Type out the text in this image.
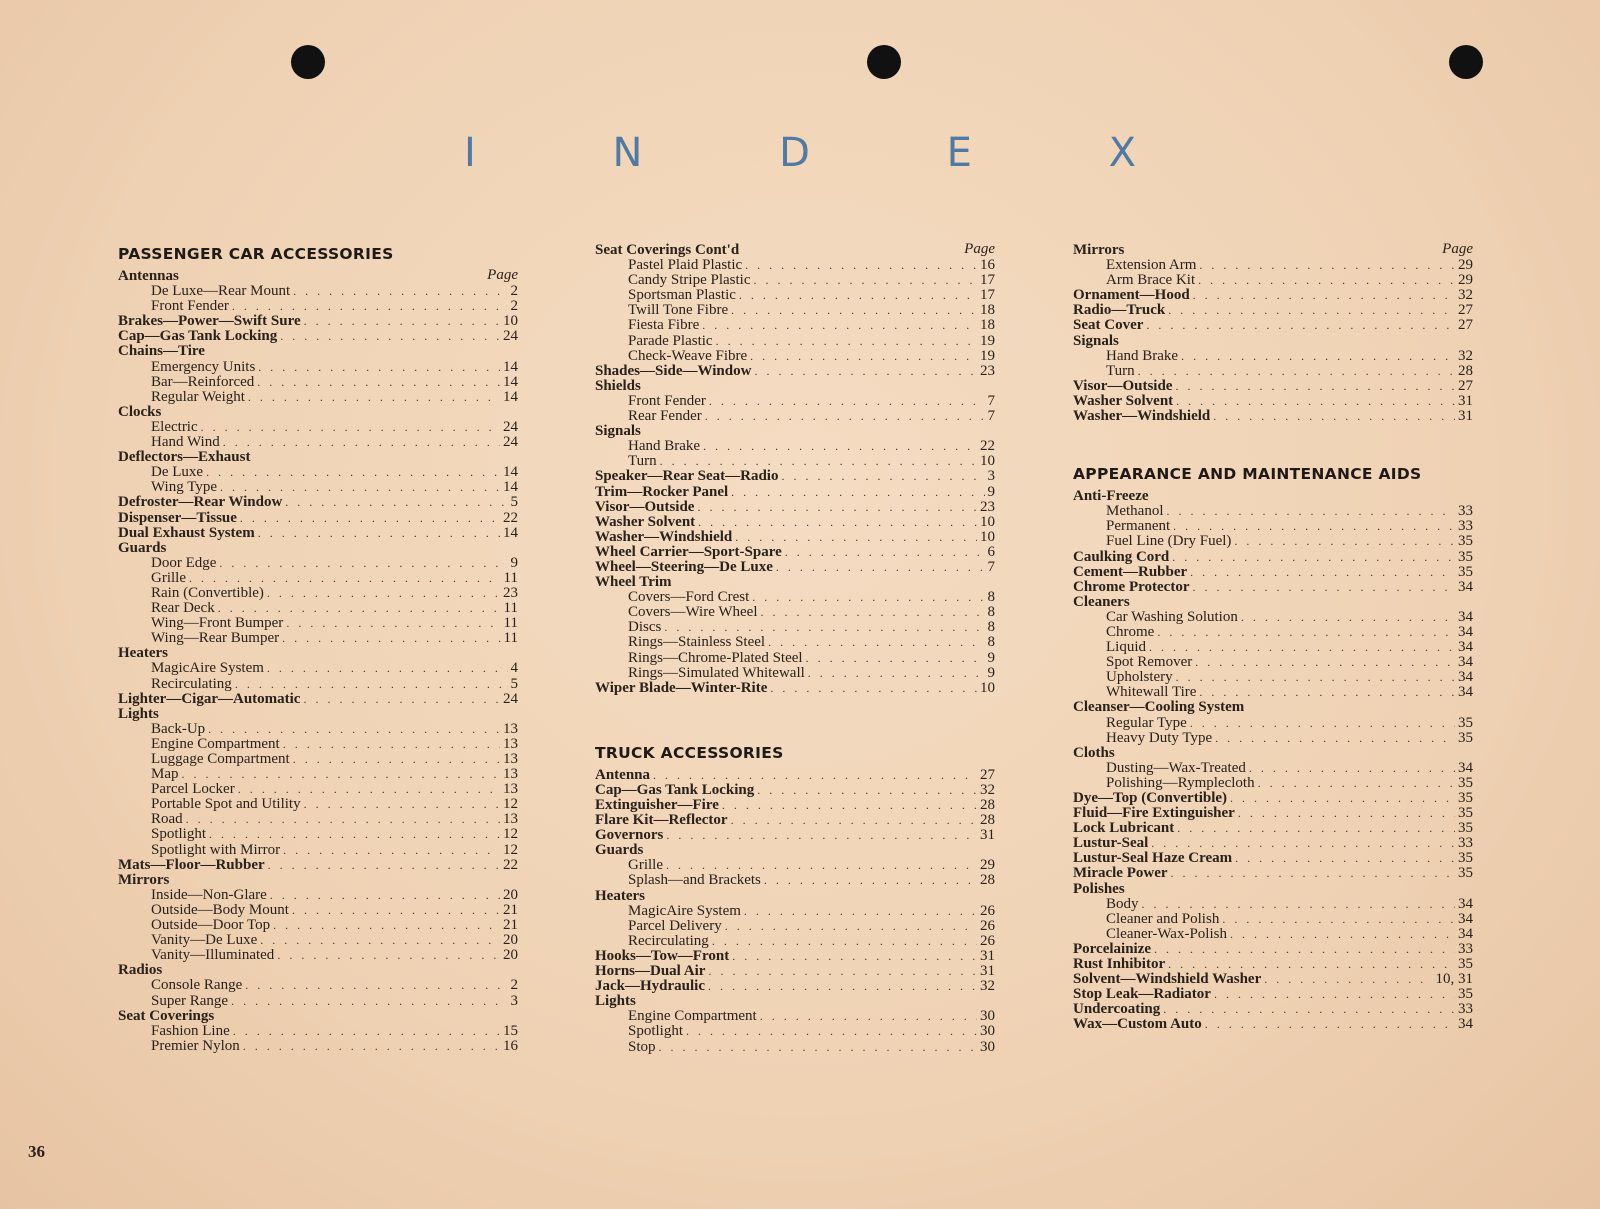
I N D E X
PASSENGER CAR ACCESSORIES
Page
Antennas
De Luxe—Rear Mount . . .	2
Front Fender . . .	2
Brakes—Power—Swift Sure . . .	10
Cap—Gas Tank Locking . . .	24
Chains—Tire
Emergency Units . . .	14
Bar—Reinforced . . .	14
Regular Weight . . .	14
Clocks
Electric . . .	24
Hand Wind . . .	24
Deflectors—Exhaust
De Luxe . . .	14
Wing Type . . .	14
Defroster—Rear Window . . .	5
Dispenser—Tissue . . .	22
Dual Exhaust System . . .	14
Guards
Door Edge . . .	9
Grille . . .	11
Rain (Convertible) . . .	23
Rear Deck . . .	11
Wing—Front Bumper . . .	11
Wing—Rear Bumper . . .	11
Heaters
MagicAire System . . .	4
Recirculating . . .	5
Lighter—Cigar—Automatic . . .	24
Lights
Back-Up . . .	13
Engine Compartment . . .	13
Luggage Compartment . . .	13
Map . . .	13
Parcel Locker . . .	13
Portable Spot and Utility . . .	12
Road . . .	13
Spotlight . . .	12
Spotlight with Mirror . . .	12
Mats—Floor—Rubber . . .	22
Mirrors
Inside—Non-Glare . . .	20
Outside—Body Mount . . .	21
Outside—Door Top . . .	21
Vanity—De Luxe . . .	20
Vanity—Illuminated . . .	20
Radios
Console Range . . .	2
Super Range . . .	3
Seat Coverings
Fashion Line . . .	15
Premier Nylon . . .	16
Page
Seat Coverings Cont'd
Pastel Plaid Plastic . . .	16
Candy Stripe Plastic . . .	17
Sportsman Plastic . . .	17
Twill Tone Fibre . . .	18
Fiesta Fibre . . .	18
Parade Plastic . . .	19
Check-Weave Fibre . . .	19
Shades—Side—Window . . .	23
Shields
Front Fender . . .	7
Rear Fender . . .	7
Signals
Hand Brake . . .	22
Turn . . .	10
Speaker—Rear Seat—Radio . . .	3
Trim—Rocker Panel . . .	9
Visor—Outside . . .	23
Washer Solvent . . .	10
Washer—Windshield . . .	10
Wheel Carrier—Sport-Spare . . .	6
Wheel—Steering—De Luxe . . .	7
Wheel Trim
Covers—Ford Crest . . .	8
Covers—Wire Wheel . . .	8
Discs . . .	8
Rings—Stainless Steel . . .	8
Rings—Chrome-Plated Steel . . .	9
Rings—Simulated Whitewall . . .	9
Wiper Blade—Winter-Rite . . .	10
TRUCK ACCESSORIES
Antenna . . .	27
Cap—Gas Tank Locking . . .	32
Extinguisher—Fire . . .	28
Flare Kit—Reflector . . .	28
Governors . . .	31
Guards
Grille . . .	29
Splash—and Brackets . . .	28
Heaters
MagicAire System . . .	26
Parcel Delivery . . .	26
Recirculating . . .	26
Hooks—Tow—Front . . .	31
Horns—Dual Air . . .	31
Jack—Hydraulic . . .	32
Lights
Engine Compartment . . .	30
Spotlight . . .	30
Stop . . .	30
Page
Mirrors
Extension Arm . . .	29
Arm Brace Kit . . .	29
Ornament—Hood . . .	32
Radio—Truck . . .	27
Seat Cover . . .	27
Signals
Hand Brake . . .	32
Turn . . .	28
Visor—Outside . . .	27
Washer Solvent . . .	31
Washer—Windshield . . .	31
APPEARANCE AND MAINTENANCE AIDS
Anti-Freeze
Methanol . . .	33
Permanent . . .	33
Fuel Line (Dry Fuel) . . .	35
Caulking Cord . . .	35
Cement—Rubber . . .	35
Chrome Protector . . .	34
Cleaners
Car Washing Solution . . .	34
Chrome . . .	34
Liquid . . .	34
Spot Remover . . .	34
Upholstery . . .	34
Whitewall Tire . . .	34
Cleanser—Cooling System
Regular Type . . .	35
Heavy Duty Type . . .	35
Cloths
Dusting—Wax-Treated . . .	34
Polishing—Rymplecloth . . .	35
Dye—Top (Convertible) . . .	35
Fluid—Fire Extinguisher . . .	35
Lock Lubricant . . .	35
Lustur-Seal . . .	33
Lustur-Seal Haze Cream . . .	35
Miracle Power . . .	35
Polishes
Body . . .	34
Cleaner and Polish . . .	34
Cleaner-Wax-Polish . . .	34
Porcelainize . . .	33
Rust Inhibitor . . .	35
Solvent—Windshield Washer . . .	10, 31
Stop Leak—Radiator . . .	35
Undercoating . . .	33
Wax—Custom Auto . . .	34
36
